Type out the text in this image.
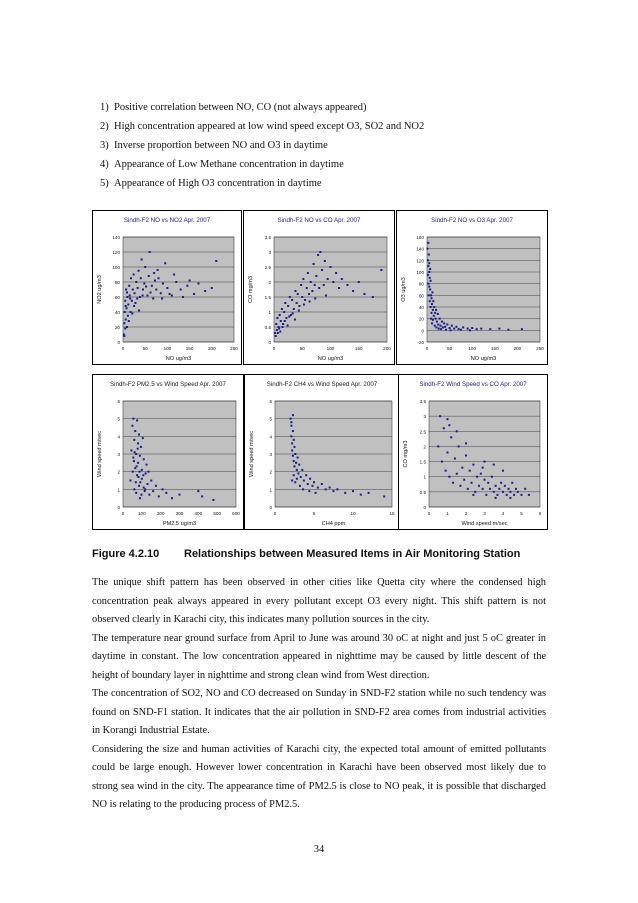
1) Positive correlation between NO, CO (not always appeared)
2) High concentration appeared at low wind speed except O3, SO2 and NO2
3) Inverse proportion between NO and O3 in daytime
4) Appearance of Low Methane concentration in daytime
5) Appearance of High O3 concentration in daytime
Sindh-F2 NO vs NO2 Apr. 2007
0
20
40
60
80
100
120
140
0	50	100	150	200	250
NO ug/m3
NO2 ug/m3
Sindh-F2 NO vs CO Apr. 2007
0
0.5
1
1.5
2
2.5
3
3.5
0	50	100	150	200
NO ug/m3
CO mg/m3
Sindh-F2 NO vs O3 Apr. 2007
-20
0
20
40
60
80
100
120
140
160
0	50	100	150	200	250
NO ug/m3
O3 ug/m3
Sindh-F2 PM2.5 vs Wind Speed Apr. 2007
0
1
2
3
4
5
6
0	100 200 300 400 500 600
PM2.5 ug/m3
Wind speed m/sec
Sindh-F2 CH4 vs Wind Speed Apr. 2007
0
1
2
3
4
5
6
0	5	10	15
CH4 ppm
Wind speed m/sec
Sindh-F2 Wind Speed vs CO Apr. 2007
0
0.5
1
1.5
2
2.5
3
3.5
0	1	2	3	4	5	6
Wind speed m/sec
CO mg/m3
Figure 4.2.10 Relationships between Measured Items in Air Monitoring Station

The unique shift pattern has been observed in other cities like Quetta city where the condensed high concentration peak always appeared in every pollutant except O3 every night. This shift pattern is not observed clearly in Karachi city, this indicates many pollution sources in the city.

The temperature near ground surface from April to June was around 30 oC at night and just 5 oC greater in daytime in constant. The low concentration appeared in nighttime may be caused by little descent of the height of boundary layer in nighttime and strong clean wind from West direction.

The concentration of SO2, NO and CO decreased on Sunday in SND-F2 station while no such tendency was found on SND-F1 station. It indicates that the air pollution in SND-F2 area comes from industrial activities in Korangi Industrial Estate.

Considering the size and human activities of Karachi city, the expected total amount of emitted pollutants could be large enough. However lower concentration in Karachi have been observed most likely due to strong sea wind in the city. The appearance time of PM2.5 is close to NO peak, it is possible that discharged NO is relating to the producing process of PM2.5.

34
